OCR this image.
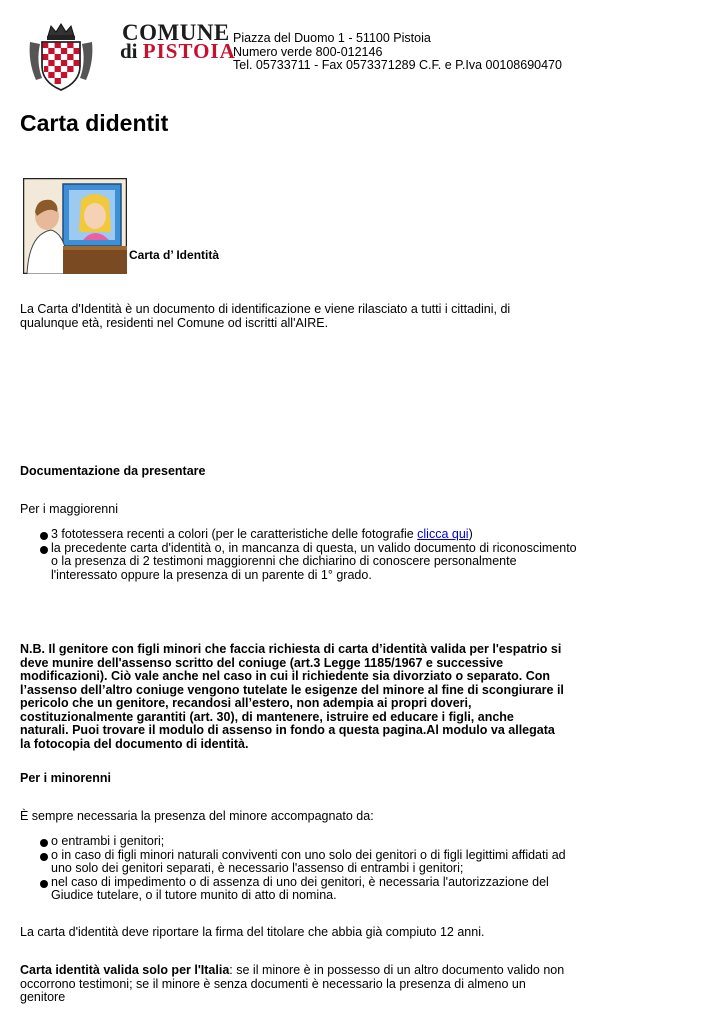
COMUNE
di PISTOIA
Piazza del Duomo 1 - 51100 Pistoia
Numero verde 800-012146
Tel. 05733711 - Fax 0573371289 C.F. e P.Iva 00108690470
Carta didentit
Carta d’ Identità
La Carta d'Identità è un documento di identificazione e viene rilasciato a tutti i cittadini, di qualunque età, residenti nel Comune od iscritti all'AIRE.
Documentazione da presentare
Per i maggiorenni
3 fototessera recenti a colori (per le caratteristiche delle fotografie clicca qui)
la precedente carta d'identità o, in mancanza di questa, un valido documento di riconoscimento o la presenza di 2 testimoni maggiorenni che dichiarino di conoscere personalmente l'interessato oppure la presenza di un parente di 1° grado.
N.B. Il genitore con figli minori che faccia richiesta di carta d’identità valida per l'espatrio si deve munire dell'assenso scritto del coniuge (art.3 Legge 1185/1967 e successive modificazioni). Ciò vale anche nel caso in cui il richiedente sia divorziato o separato. Con l’assenso dell’altro coniuge vengono tutelate le esigenze del minore al fine di scongiurare il pericolo che un genitore, recandosi all’estero, non adempia ai propri doveri, costituzionalmente garantiti (art. 30), di mantenere, istruire ed educare i figli, anche naturali. Puoi trovare il modulo di assenso in fondo a questa pagina.Al modulo va allegata la fotocopia del documento di identità.
Per i minorenni
È sempre necessaria la presenza del minore accompagnato da:
o entrambi i genitori;
o in caso di figli minori naturali conviventi con uno solo dei genitori o di figli legittimi affidati ad uno solo dei genitori separati, è necessario l'assenso di entrambi i genitori;
nel caso di impedimento o di assenza di uno dei genitori, è necessaria l'autorizzazione del Giudice tutelare, o il tutore munito di atto di nomina.
La carta d'identità deve riportare la firma del titolare che abbia già compiuto 12 anni.
Carta identità valida solo per l'Italia: se il minore è in possesso di un altro documento valido non occorrono testimoni; se il minore è senza documenti è necessario la presenza di almeno un genitore
